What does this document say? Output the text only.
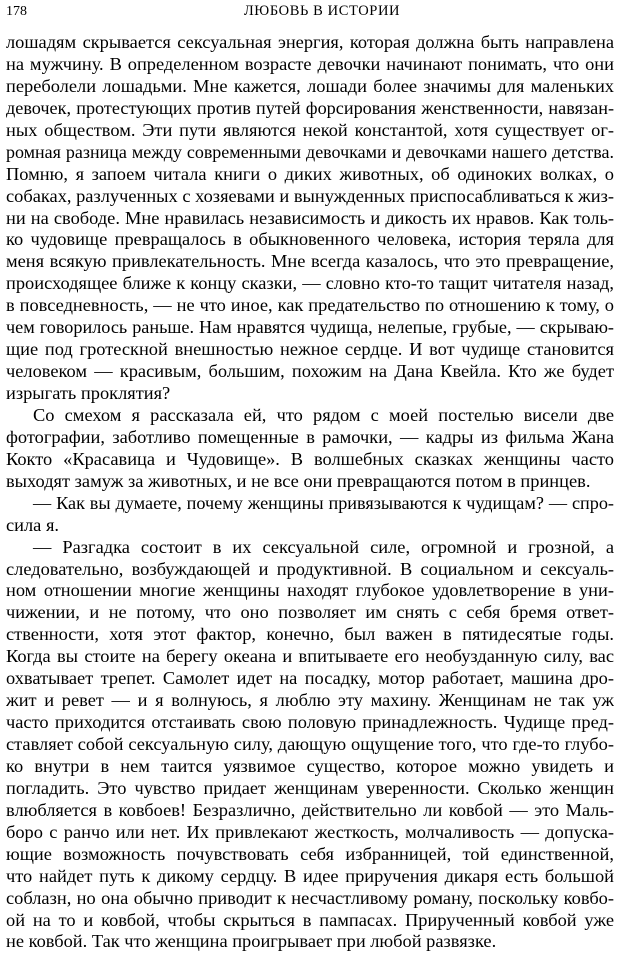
178	ЛЮБОВЬ В ИСТОРИИ
лошадям скрывается сексуальная энергия, которая должна быть направлена
на мужчину. В определенном возрасте девочки начинают понимать, что они
переболели лошадьми. Мне кажется, лошади более значимы для маленьких
девочек, протестующих против путей форсирования женственности, навязан-
ных обществом. Эти пути являются некой константой, хотя существует ог-
ромная разница между современными девочками и девочками нашего детства.
Помню, я запоем читала книги о диких животных, об одиноких волках, о
собаках, разлученных с хозяевами и вынужденных приспосабливаться к жиз-
ни на свободе. Мне нравилась независимость и дикость их нравов. Как толь-
ко чудовище превращалось в обыкновенного человека, история теряла для
меня всякую привлекательность. Мне всегда казалось, что это превращение,
происходящее ближе к концу сказки, — словно кто-то тащит читателя назад,
в повседневность, — не что иное, как предательство по отношению к тому, о
чем говорилось раньше. Нам нравятся чудища, нелепые, грубые, — скрываю-
щие под гротескной внешностью нежное сердце. И вот чудище становится
человеком — красивым, большим, похожим на Дана Квейла. Кто же будет
изрыгать проклятия?
Со смехом я рассказала ей, что рядом с моей постелью висели две
фотографии, заботливо помещенные в рамочки, — кадры из фильма Жана
Кокто «Красавица и Чудовище». В волшебных сказках женщины часто
выходят замуж за животных, и не все они превращаются потом в принцев.
— Как вы думаете, почему женщины привязываются к чудищам? — спро-
сила я.
— Разгадка состоит в их сексуальной силе, огромной и грозной, а
следовательно, возбуждающей и продуктивной. В социальном и сексуаль-
ном отношении многие женщины находят глубокое удовлетворение в уни-
чижении, и не потому, что оно позволяет им снять с себя бремя ответ-
ственности, хотя этот фактор, конечно, был важен в пятидесятые годы.
Когда вы стоите на берегу океана и впитываете его необузданную силу, вас
охватывает трепет. Самолет идет на посадку, мотор работает, машина дро-
жит и ревет — и я волнуюсь, я люблю эту махину. Женщинам не так уж
часто приходится отстаивать свою половую принадлежность. Чудище пред-
ставляет собой сексуальную силу, дающую ощущение того, что где-то глубо-
ко внутри в нем таится уязвимое существо, которое можно увидеть и
погладить. Это чувство придает женщинам уверенности. Сколько женщин
влюбляется в ковбоев! Безразлично, действительно ли ковбой — это Маль-
боро с ранчо или нет. Их привлекают жесткость, молчаливость — допуска-
ющие возможность почувствовать себя избранницей, той единственной,
что найдет путь к дикому сердцу. В идее приручения дикаря есть большой
соблазн, но она обычно приводит к несчастливому роману, поскольку ковбо-
ой на то и ковбой, чтобы скрыться в пампасах. Прирученный ковбой уже
не ковбой. Так что женщина проигрывает при любой развязке.
